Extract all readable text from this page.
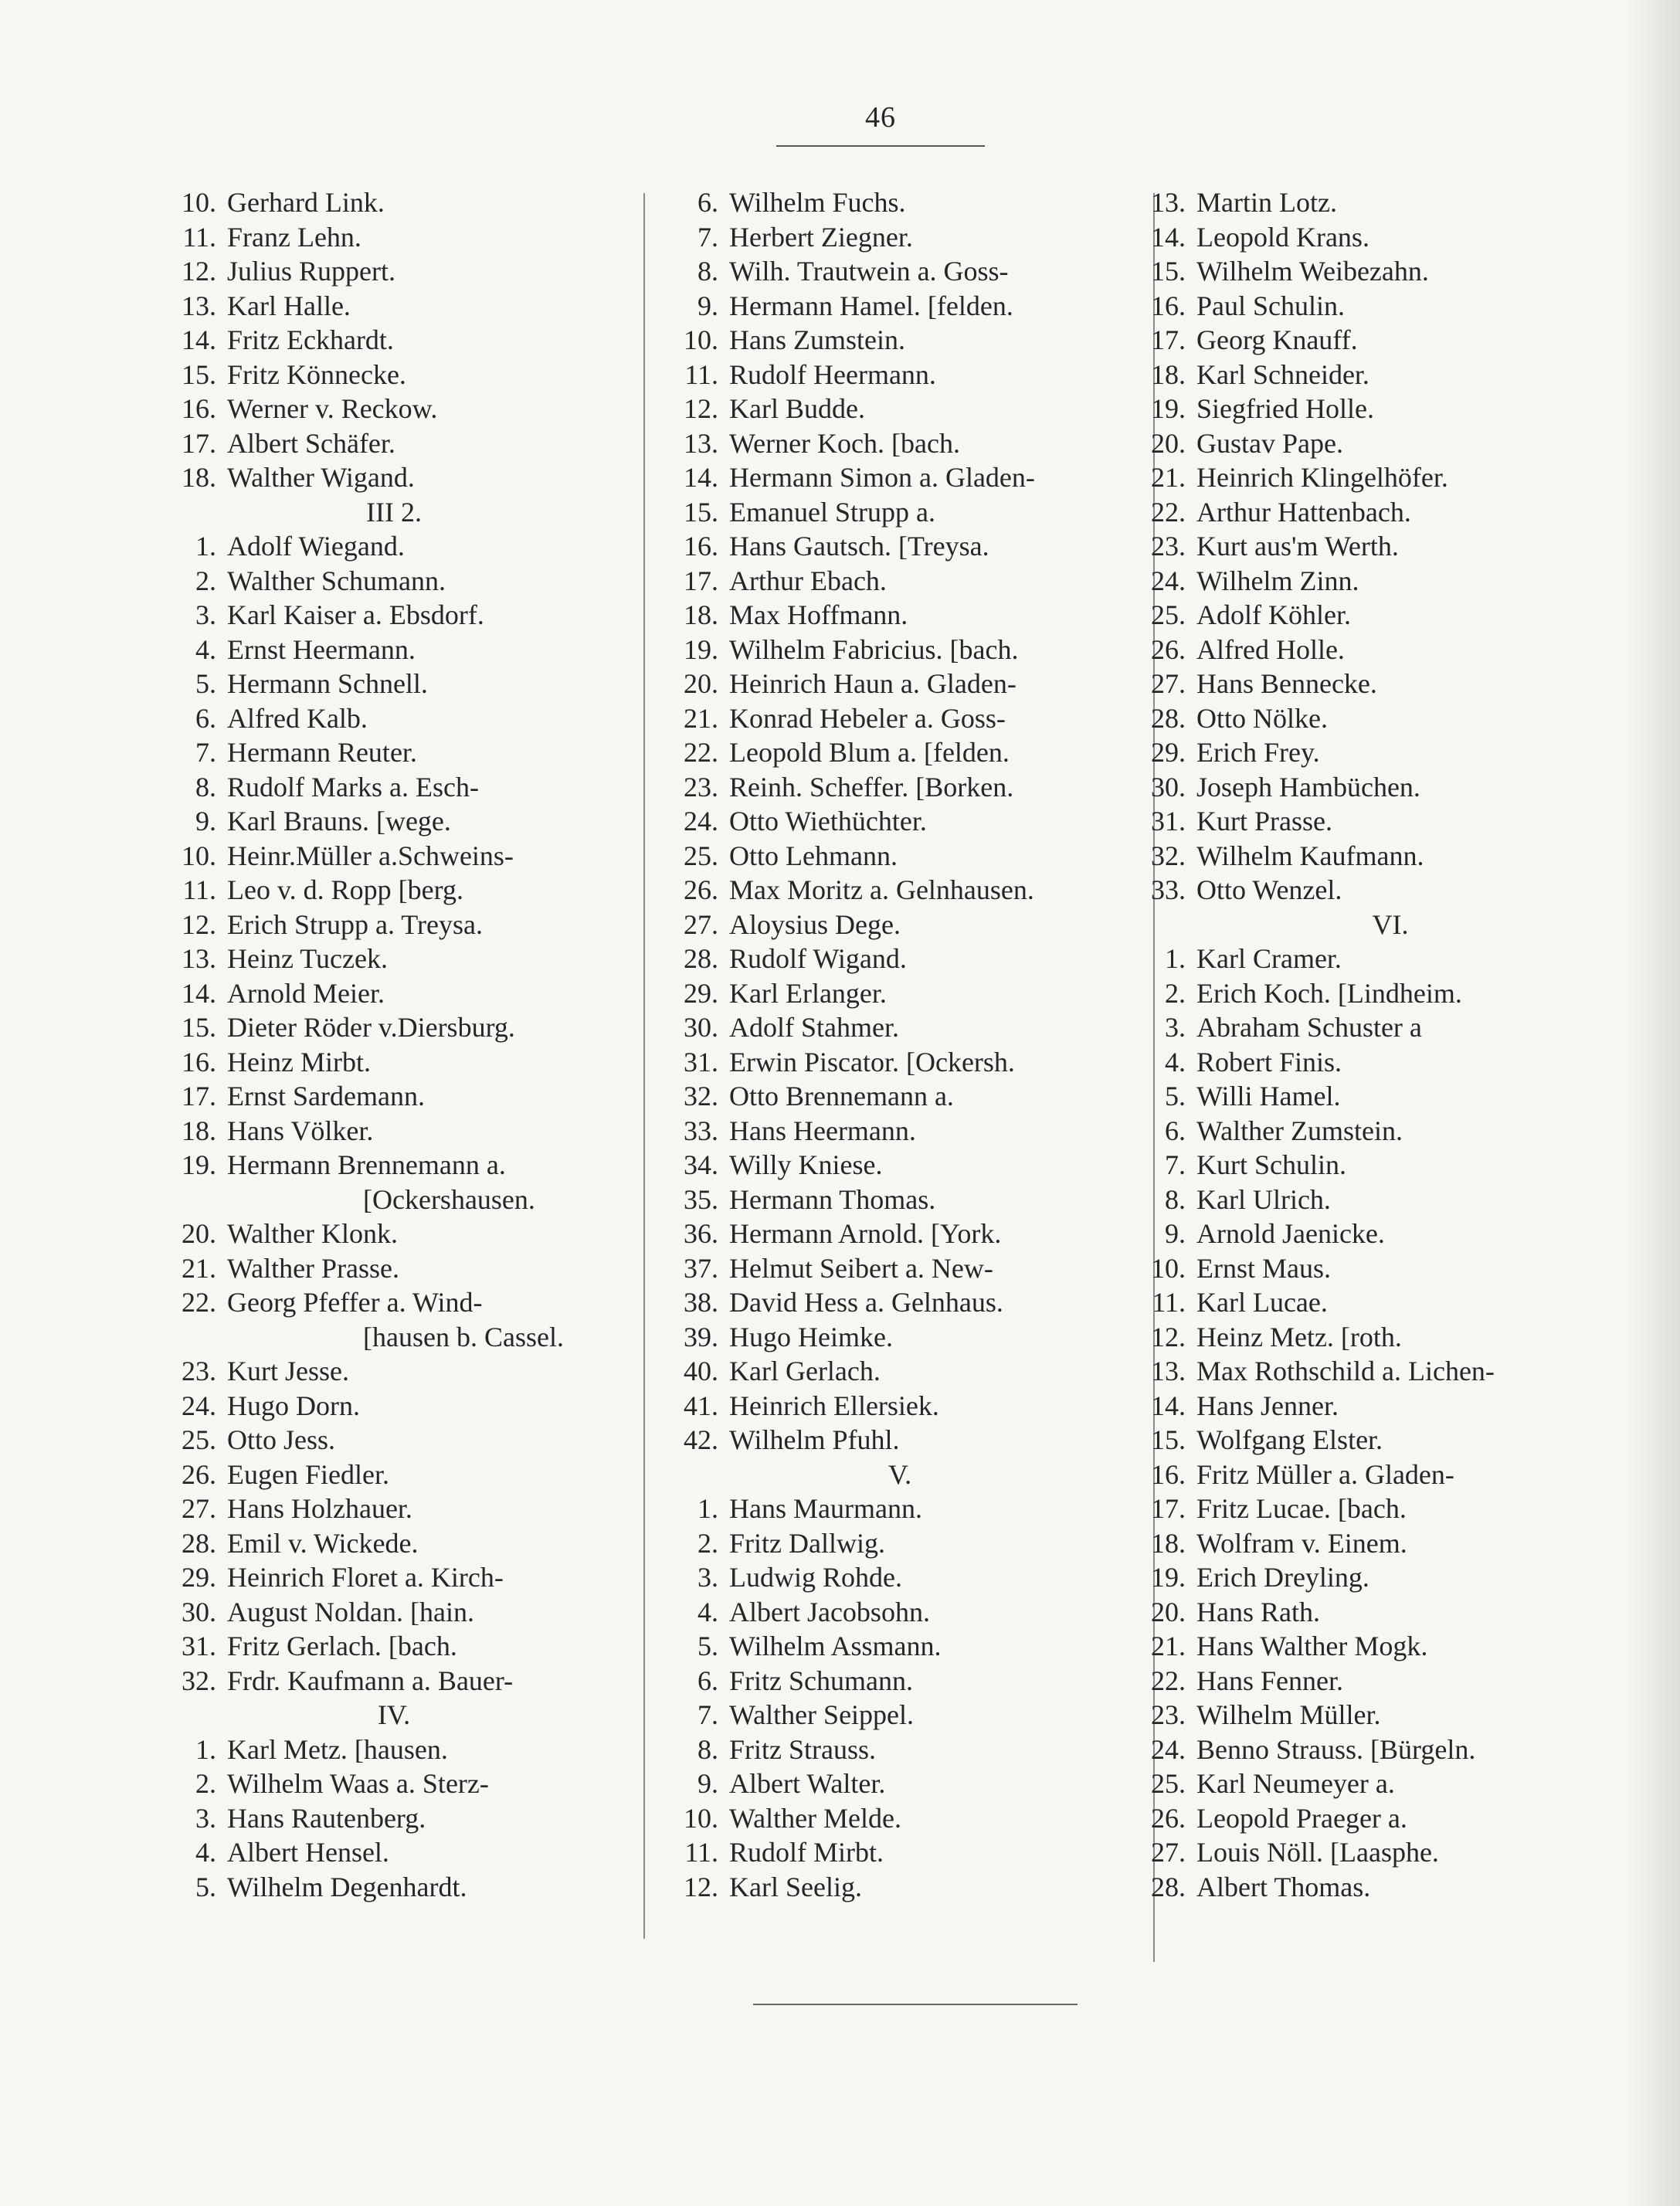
46
10. Gerhard Link.
11. Franz Lehn.
12. Julius Ruppert.
13. Karl Halle.
14. Fritz Eckhardt.
15. Fritz Könnecke.
16. Werner v. Reckow.
17. Albert Schäfer.
18. Walther Wigand.
III 2.
1. Adolf Wiegand.
2. Walther Schumann.
3. Karl Kaiser a. Ebsdorf.
4. Ernst Heermann.
5. Hermann Schnell.
6. Alfred Kalb.
7. Hermann Reuter.
8. Rudolf Marks a. Esch-
9. Karl Brauns. [wege.
10. Heinr.Müller a.Schweins-
11. Leo v. d. Ropp [berg.
12. Erich Strupp a. Treysa.
13. Heinz Tuczek.
14. Arnold Meier.
15. Dieter Röder v.Diersburg.
16. Heinz Mirbt.
17. Ernst Sardemann.
18. Hans Völker.
19. Hermann Brennemann a.
[Ockershausen.
20. Walther Klonk.
21. Walther Prasse.
22. Georg Pfeffer a. Wind-
[hausen b. Cassel.
23. Kurt Jesse.
24. Hugo Dorn.
25. Otto Jess.
26. Eugen Fiedler.
27. Hans Holzhauer.
28. Emil v. Wickede.
29. Heinrich Floret a. Kirch-
30. August Noldan. [hain.
31. Fritz Gerlach. [bach.
32. Frdr. Kaufmann a. Bauer-
IV.
1. Karl Metz. [hausen.
2. Wilhelm Waas a. Sterz-
3. Hans Rautenberg.
4. Albert Hensel.
5. Wilhelm Degenhardt.
6. Wilhelm Fuchs.
7. Herbert Ziegner.
8. Wilh. Trautwein a. Goss-
9. Hermann Hamel. [felden.
10. Hans Zumstein.
11. Rudolf Heermann.
12. Karl Budde.
13. Werner Koch. [bach.
14. Hermann Simon a. Gladen-
15. Emanuel Strupp a.
16. Hans Gautsch. [Treysa.
17. Arthur Ebach.
18. Max Hoffmann.
19. Wilhelm Fabricius. [bach.
20. Heinrich Haun a. Gladen-
21. Konrad Hebeler a. Goss-
22. Leopold Blum a. [felden.
23. Reinh. Scheffer. [Borken.
24. Otto Wiethüchter.
25. Otto Lehmann.
26. Max Moritz a. Gelnhausen.
27. Aloysius Dege.
28. Rudolf Wigand.
29. Karl Erlanger.
30. Adolf Stahmer.
31. Erwin Piscator. [Ockersh.
32. Otto Brennemann a.
33. Hans Heermann.
34. Willy Kniese.
35. Hermann Thomas.
36. Hermann Arnold. [York.
37. Helmut Seibert a. New-
38. David Hess a. Gelnhaus.
39. Hugo Heimke.
40. Karl Gerlach.
41. Heinrich Ellersiek.
42. Wilhelm Pfuhl.
V.
1. Hans Maurmann.
2. Fritz Dallwig.
3. Ludwig Rohde.
4. Albert Jacobsohn.
5. Wilhelm Assmann.
6. Fritz Schumann.
7. Walther Seippel.
8. Fritz Strauss.
9. Albert Walter.
10. Walther Melde.
11. Rudolf Mirbt.
12. Karl Seelig.
13. Martin Lotz.
14. Leopold Krans.
15. Wilhelm Weibezahn.
16. Paul Schulin.
17. Georg Knauff.
18. Karl Schneider.
19. Siegfried Holle.
20. Gustav Pape.
21. Heinrich Klingelhöfer.
22. Arthur Hattenbach.
23. Kurt aus'm Werth.
24. Wilhelm Zinn.
25. Adolf Köhler.
26. Alfred Holle.
27. Hans Bennecke.
28. Otto Nölke.
29. Erich Frey.
30. Joseph Hambüchen.
31. Kurt Prasse.
32. Wilhelm Kaufmann.
33. Otto Wenzel.
VI.
1. Karl Cramer.
2. Erich Koch. [Lindheim.
3. Abraham Schuster a
4. Robert Finis.
5. Willi Hamel.
6. Walther Zumstein.
7. Kurt Schulin.
8. Karl Ulrich.
9. Arnold Jaenicke.
10. Ernst Maus.
11. Karl Lucae.
12. Heinz Metz. [roth.
13. Max Rothschild a. Lichen-
14. Hans Jenner.
15. Wolfgang Elster.
16. Fritz Müller a. Gladen-
17. Fritz Lucae. [bach.
18. Wolfram v. Einem.
19. Erich Dreyling.
20. Hans Rath.
21. Hans Walther Mogk.
22. Hans Fenner.
23. Wilhelm Müller.
24. Benno Strauss. [Bürgeln.
25. Karl Neumeyer a.
26. Leopold Praeger a.
27. Louis Nöll. [Laasphe.
28. Albert Thomas.
